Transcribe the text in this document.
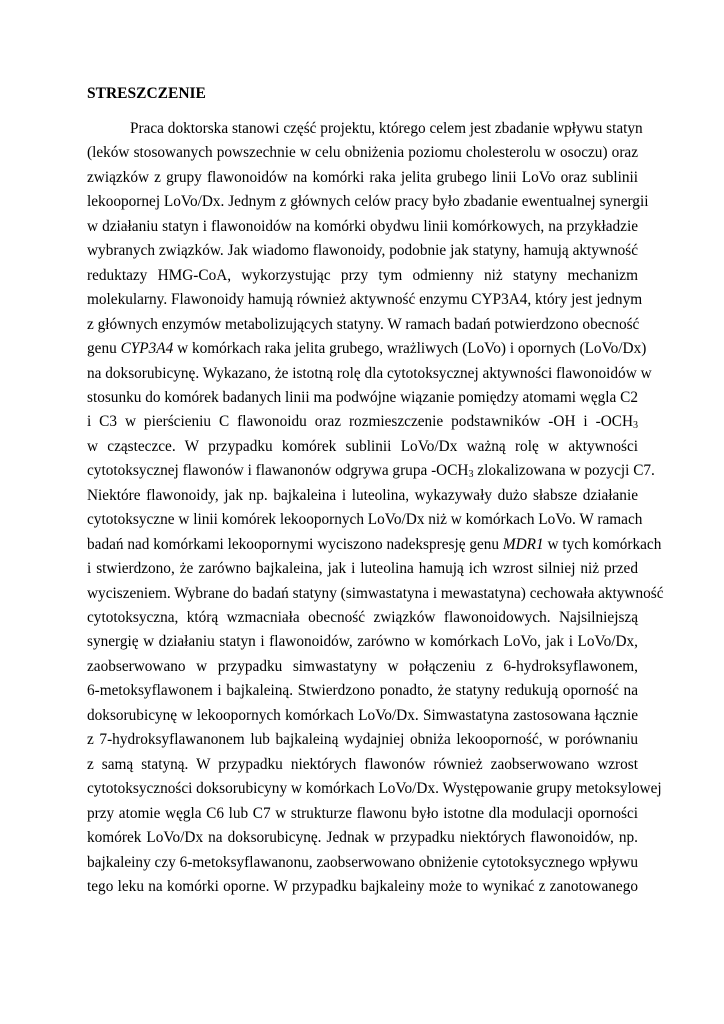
STRESZCZENIE
Praca doktorska stanowi część projektu, którego celem jest zbadanie wpływu statyn
(leków stosowanych powszechnie w celu obniżenia poziomu cholesterolu w osoczu) oraz
związków z grupy flawonoidów na komórki raka jelita grubego linii LoVo oraz sublinii
lekoopornej LoVo/Dx. Jednym z głównych celów pracy było zbadanie ewentualnej synergii
w działaniu statyn i flawonoidów na komórki obydwu linii komórkowych, na przykładzie
wybranych związków. Jak wiadomo flawonoidy, podobnie jak statyny, hamują aktywność
reduktazy HMG-CoA, wykorzystując przy tym odmienny niż statyny mechanizm
molekularny. Flawonoidy hamują również aktywność enzymu CYP3A4, który jest jednym
z głównych enzymów metabolizujących statyny. W ramach badań potwierdzono obecność
genu CYP3A4 w komórkach raka jelita grubego, wrażliwych (LoVo) i opornych (LoVo/Dx)
na doksorubicynę. Wykazano, że istotną rolę dla cytotoksycznej aktywności flawonoidów w
stosunku do komórek badanych linii ma podwójne wiązanie pomiędzy atomami węgla C2
i C3 w pierścieniu C flawonoidu oraz rozmieszczenie podstawników -OH i $-OCH_3$
w cząsteczce. W przypadku komórek sublinii LoVo/Dx ważną rolę w aktywności
cytotoksycznej flawonów i flawanonów odgrywa grupa $-OCH_3$ zlokalizowana w pozycji C7.
Niektóre flawonoidy, jak np. bajkaleina i luteolina, wykazywały dużo słabsze działanie
cytotoksyczne w linii komórek lekoopornych LoVo/Dx niż w komórkach LoVo. W ramach
badań nad komórkami lekoopornymi wyciszono nadekspresję genu MDR1 w tych komórkach
i stwierdzono, że zarówno bajkaleina, jak i luteolina hamują ich wzrost silniej niż przed
wyciszeniem. Wybrane do badań statyny (simwastatyna i mewastatyna) cechowała aktywność
cytotoksyczna, którą wzmacniała obecność związków flawonoidowych. Najsilniejszą
synergię w działaniu statyn i flawonoidów, zarówno w komórkach LoVo, jak i LoVo/Dx,
zaobserwowano w przypadku simwastatyny w połączeniu z 6-hydroksyflawonem,
6-metoksyflawonem i bajkaleiną. Stwierdzono ponadto, że statyny redukują oporność na
doksorubicynę w lekoopornych komórkach LoVo/Dx. Simwastatyna zastosowana łącznie
z 7-hydroksyflawanonem lub bajkaleiną wydajniej obniża lekooporność, w porównaniu
z samą statyną. W przypadku niektórych flawonów również zaobserwowano wzrost
cytotoksyczności doksorubicyny w komórkach LoVo/Dx. Występowanie grupy metoksylowej
przy atomie węgla C6 lub C7 w strukturze flawonu było istotne dla modulacji oporności
komórek LoVo/Dx na doksorubicynę. Jednak w przypadku niektórych flawonoidów, np.
bajkaleiny czy 6-metoksyflawanonu, zaobserwowano obniżenie cytotoksycznego wpływu
tego leku na komórki oporne. W przypadku bajkaleiny może to wynikać z zanotowanego
